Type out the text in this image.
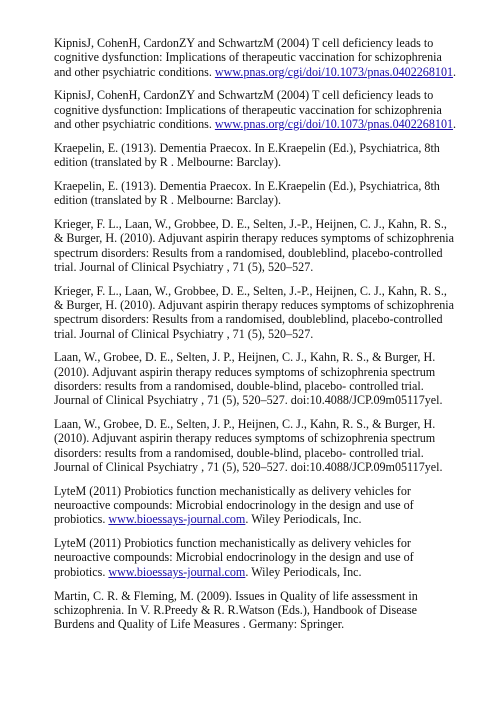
KipnisJ, CohenH, CardonZY and SchwartzM (2004) T cell deficiency leads to
cognitive dysfunction: Implications of therapeutic vaccination for schizophrenia
and other psychiatric conditions. www.pnas.org/cgi/doi/10.1073/pnas.0402268101.

KipnisJ, CohenH, CardonZY and SchwartzM (2004) T cell deficiency leads to
cognitive dysfunction: Implications of therapeutic vaccination for schizophrenia
and other psychiatric conditions. www.pnas.org/cgi/doi/10.1073/pnas.0402268101.

Kraepelin, E. (1913). Dementia Praecox. In E.Kraepelin (Ed.), Psychiatrica, 8th
edition (translated by R . Melbourne: Barclay).

Kraepelin, E. (1913). Dementia Praecox. In E.Kraepelin (Ed.), Psychiatrica, 8th
edition (translated by R . Melbourne: Barclay).

Krieger, F. L., Laan, W., Grobbee, D. E., Selten, J.-P., Heijnen, C. J., Kahn, R. S.,
& Burger, H. (2010). Adjuvant aspirin therapy reduces symptoms of schizophrenia
spectrum disorders: Results from a randomised, doubleblind, placebo-controlled
trial. Journal of Clinical Psychiatry , 71 (5), 520–527.

Krieger, F. L., Laan, W., Grobbee, D. E., Selten, J.-P., Heijnen, C. J., Kahn, R. S.,
& Burger, H. (2010). Adjuvant aspirin therapy reduces symptoms of schizophrenia
spectrum disorders: Results from a randomised, doubleblind, placebo-controlled
trial. Journal of Clinical Psychiatry , 71 (5), 520–527.

Laan, W., Grobee, D. E., Selten, J. P., Heijnen, C. J., Kahn, R. S., & Burger, H.
(2010). Adjuvant aspirin therapy reduces symptoms of schizophrenia spectrum
disorders: results from a randomised, double-blind, placebo- controlled trial.
Journal of Clinical Psychiatry , 71 (5), 520–527. doi:10.4088/JCP.09m05117yel.

Laan, W., Grobee, D. E., Selten, J. P., Heijnen, C. J., Kahn, R. S., & Burger, H.
(2010). Adjuvant aspirin therapy reduces symptoms of schizophrenia spectrum
disorders: results from a randomised, double-blind, placebo- controlled trial.
Journal of Clinical Psychiatry , 71 (5), 520–527. doi:10.4088/JCP.09m05117yel.

LyteM (2011) Probiotics function mechanistically as delivery vehicles for
neuroactive compounds: Microbial endocrinology in the design and use of
probiotics. www.bioessays-journal.com. Wiley Periodicals, Inc.

LyteM (2011) Probiotics function mechanistically as delivery vehicles for
neuroactive compounds: Microbial endocrinology in the design and use of
probiotics. www.bioessays-journal.com. Wiley Periodicals, Inc.

Martin, C. R. & Fleming, M. (2009). Issues in Quality of life assessment in
schizophrenia. In V. R.Preedy & R. R.Watson (Eds.), Handbook of Disease
Burdens and Quality of Life Measures . Germany: Springer.
